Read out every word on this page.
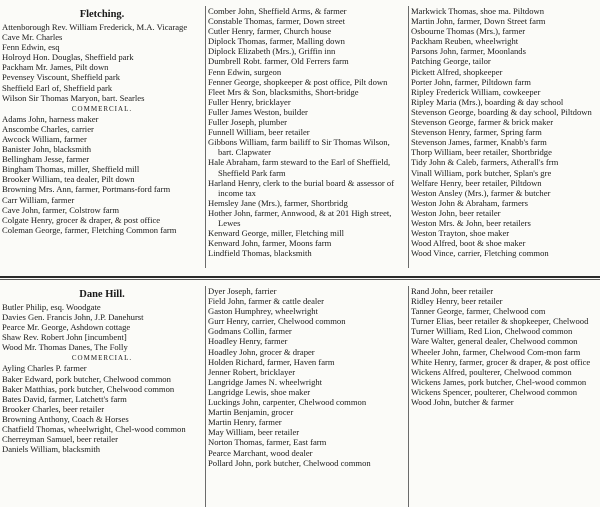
Fletching.
Attenborough Rev. William Frederick, M.A. Vicarage
Cave Mr. Charles
Fenn Edwin, esq
Holroyd Hon. Douglas, Sheffield park
Packham Mr. James, Pilt down
Pevensey Viscount, Sheffield park
Sheffield Earl of, Sheffield park
Wilson Sir Thomas Maryon, bart. Searles
COMMERCIAL.
Adams John, harness maker
Anscombe Charles, carrier
Awcock William, farmer
Banister John, blacksmith
Bellingham Jesse, farmer
Bingham Thomas, miller, Sheffield mill
Brooker William, tea dealer, Pilt down
Browning Mrs. Ann, farmer, Portmans-ford farm
Carr William, farmer
Cave John, farmer, Colstrow farm
Colgate Henry, grocer & draper, & post office
Coleman George, farmer, Fletching Common farm
Comber John, Sheffield Arms, & farmer
Constable Thomas, farmer, Down street
Cutler Henry, farmer, Church house
Diplock Thomas, farmer, Malling down
Diplock Elizabeth (Mrs.), Griffin inn
Dumbrell Robt. farmer, Old Ferrers farm
Fenn Edwin, surgeon
Fenner George, shopkeeper & post office, Pilt down
Fleet Mrs & Son, blacksmiths, Short-bridge
Fuller Henry, bricklayer
Fuller James Weston, builder
Fuller Joseph, plumber
Funnell William, beer retailer
Gibbons William, farm bailiff to Sir Thomas Wilson, bart. Clapwater
Hale Abraham, farm steward to the Earl of Sheffield, Sheffield Park farm
Harland Henry, clerk to the burial board & assessor of income tax
Hemsley Jane (Mrs.), farmer, Shortbridg
Hother John, farmer, Annwood, & at 201 High street, Lewes
Kenward George, miller, Fletching mill
Kenward John, farmer, Moons farm
Lindfield Thomas, blacksmith
Markwick Thomas, shoe ma. Piltdown
Martin John, farmer, Down Street farm
Osbourne Thomas (Mrs.), farmer
Packham Reuben, wheelwright
Parsons John, farmer, Moonlands
Patching George, tailor
Pickett Alfred, shopkeeper
Porter John, farmer, Piltdown farm
Ripley Frederick William, cowkeeper
Ripley Maria (Mrs.), boarding & day school
Stevenson George, boarding & day school, Piltdown
Stevenson George, farmer & brick maker
Stevenson Henry, farmer, Spring farm
Stevenson James, farmer, Knabb's farm
Thorp William, beer retailer, Shortbridge
Tidy John & Caleb, farmers, Atherall's frm
Vinall William, pork butcher, Splan's gre
Welfare Henry, beer retailer, Piltdown
Weston Ansley (Mrs.), farmer & butcher
Weston John & Abraham, farmers
Weston John, beer retailer
Weston Mrs. & John, beer retailers
Weston Trayton, shoe maker
Wood Alfred, boot & shoe maker
Wood Vince, carrier, Fletching common
Dane Hill.
Butler Philip, esq. Woodgate
Davies Gen. Francis John, J.P. Danehurst
Pearce Mr. George, Ashdown cottage
Shaw Rev. Robert John [incumbent]
Wood Mr. Thomas Danes, The Folly
COMMERCIAL.
Ayling Charles P. farmer
Baker Edward, pork butcher, Chelwood common
Baker Matthias, pork butcher, Chelwood common
Bates David, farmer, Latchett's farm
Brooker Charles, beer retailer
Browning Anthony, Coach & Horses
Chatfield Thomas, wheelwright, Chel-wood common
Cherreyman Samuel, beer retailer
Daniels William, blacksmith
Dyer Joseph, farrier
Field John, farmer & cattle dealer
Gaston Humphrey, wheelwright
Gurr Henry, carrier, Chelwood common
Godmans Collin, farmer
Hoadley Henry, farmer
Hoadley John, grocer & draper
Holden Richard, farmer, Haven farm
Jenner Robert, bricklayer
Langridge James N. wheelwright
Langridge Lewis, shoe maker
Luckings John, carpenter, Chelwood common
Martin Benjamin, grocer
Martin Henry, farmer
May William, beer retailer
Norton Thomas, farmer, East farm
Pearce Marchant, wood dealer
Pollard John, pork butcher, Chelwood common
Rand John, beer retailer
Ridley Henry, beer retailer
Tanner George, farmer, Chelwood com
Turner Elias, beer retailer & shopkeeper, Chelwood
Turner William, Red Lion, Chelwood common
Ware Walter, general dealer, Chelwood common
Wheeler John, farmer, Chelwood Com-mon farm
White Henry, farmer, grocer & draper, & post office
Wickens Alfred, poulterer, Chelwood common
Wickens James, pork butcher, Chel-wood common
Wickens Spencer, poulterer, Chelwood common
Wood John, butcher & farmer
